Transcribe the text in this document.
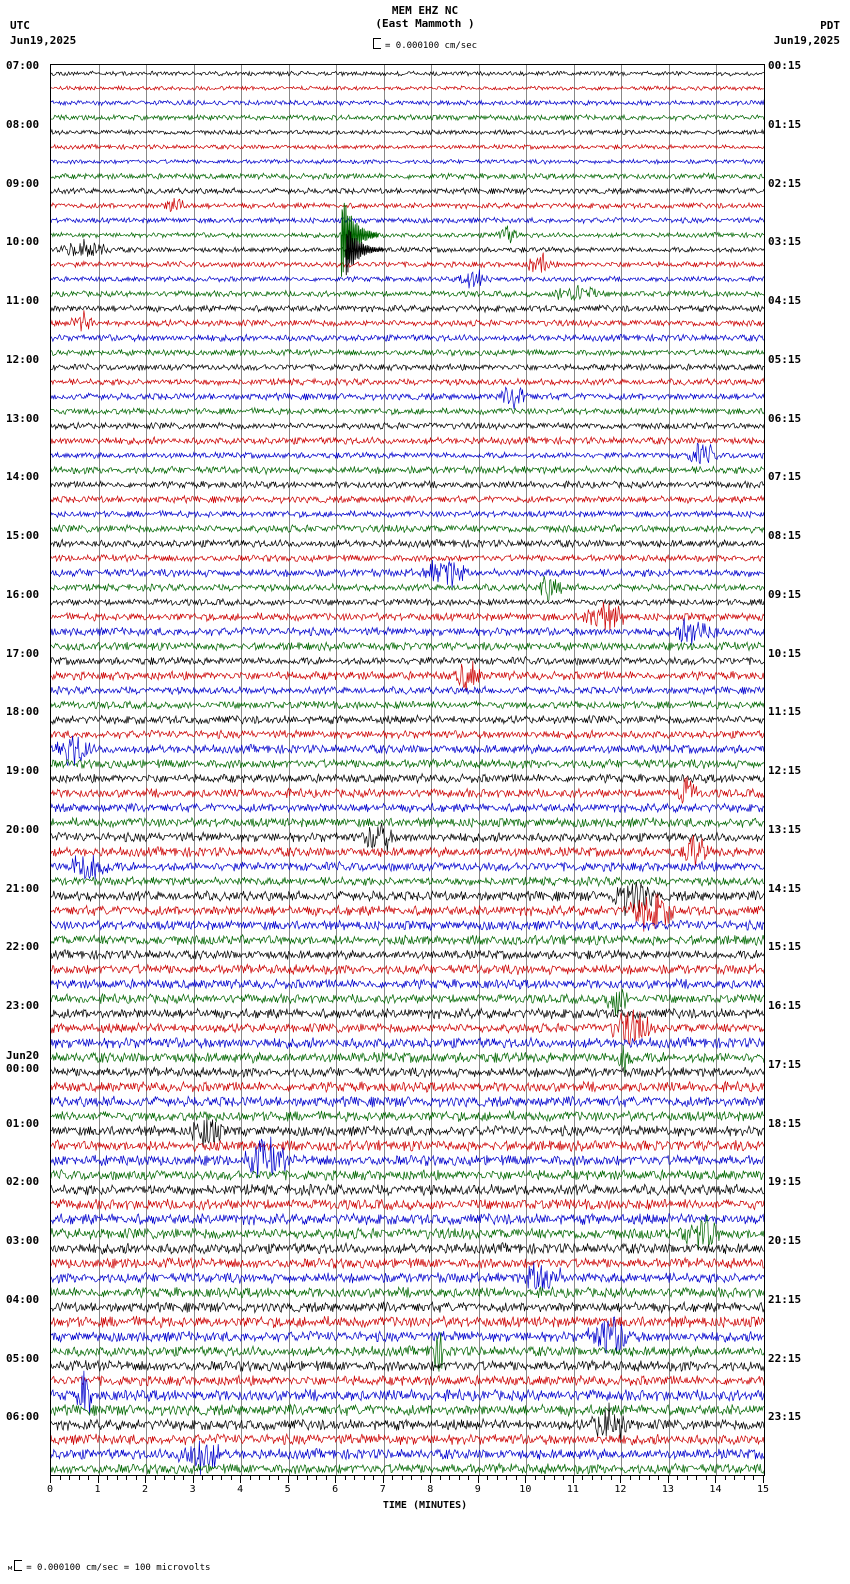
UTC
Jun19,2025
MEM EHZ NC
(East Mammoth )
= 0.000100 cm/sec
PDT
Jun19,2025
0	1	2	3	4	5	6	7	8	9	10	11	12	13	14	15
TIME (MINUTES)
м = 0.000100 cm/sec = 100 microvolts
07:00	00:15
08:00	01:15
09:00	02:15
10:00	03:15
11:00	04:15
12:00	05:15
13:00	06:15
14:00	07:15
15:00	08:15
16:00	09:15
17:00	10:15
18:00	11:15
19:00	12:15
20:00	13:15
21:00	14:15
22:00	15:15
23:00	16:15
Jun20
00:00	17:15
01:00	18:15
02:00	19:15
03:00	20:15
04:00	21:15
05:00	22:15
06:00	23:15
